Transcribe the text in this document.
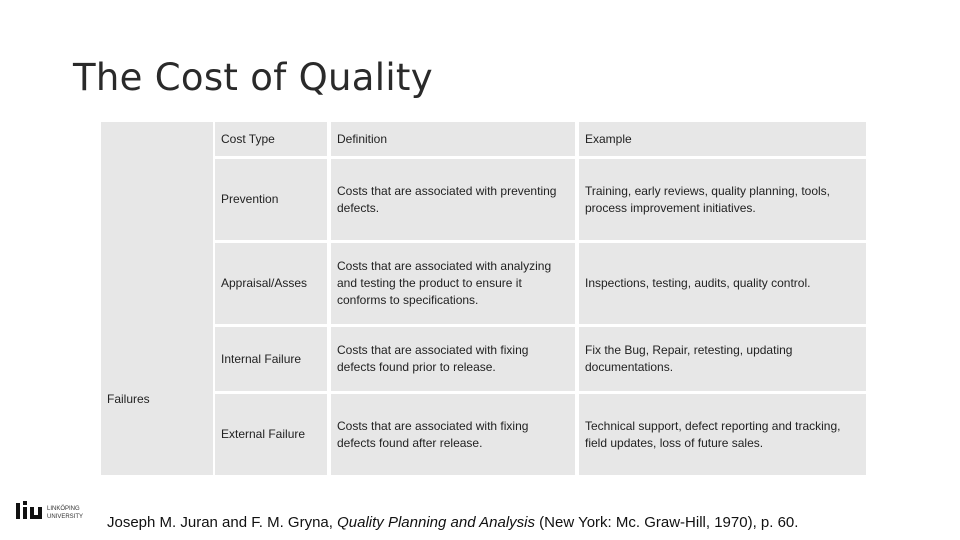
The Cost of Quality
Failures
Cost Type	Definition	Example
Prevention
Costs that are associated with preventing defects.
Training, early reviews, quality planning, tools, process improvement initiatives.
Appraisal/Asses
Costs that are associated with analyzing and testing the product to ensure it conforms to specifications.
Inspections, testing, audits, quality control.
Internal Failure
Costs that are associated with fixing defects found prior to release.
Fix the Bug, Repair, retesting, updating documentations.
External Failure
Costs that are associated with fixing defects found after release.
Technical support, defect reporting and tracking, field updates, loss of future sales.
LINKÖPING
UNIVERSITY Joseph M. Juran and F. M. Gryna, Quality Planning and Analysis (New York: Mc. Graw-Hill, 1970), p. 60.
